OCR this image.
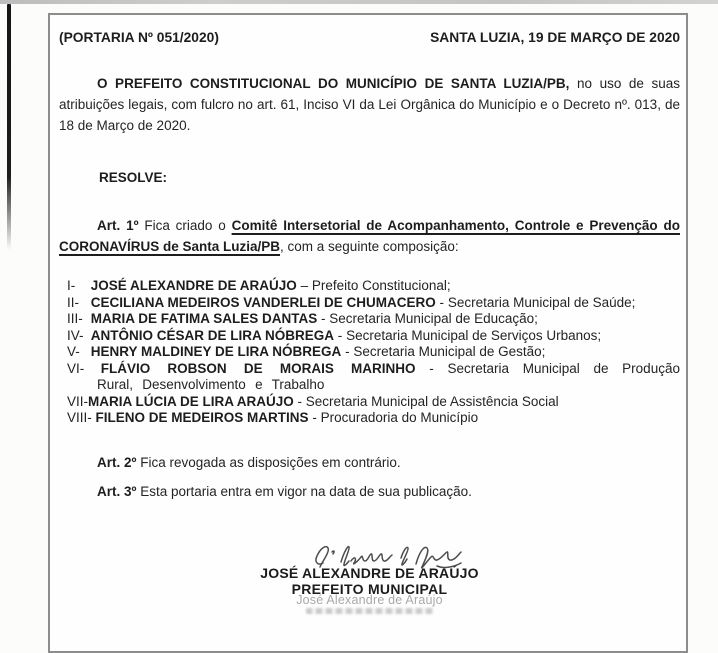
(PORTARIA Nº 051/2020)	SANTA LUZIA, 19 DE MARÇO DE 2020

O PREFEITO CONSTITUCIONAL DO MUNICÍPIO DE SANTA LUZIA/PB, no uso de suas atribuições legais, com fulcro no art. 61, Inciso VI da Lei Orgânica do Município e o Decreto nº. 013, de 18 de Março de 2020.

RESOLVE:

Art. 1º Fica criado o Comitê Intersetorial de Acompanhamento, Controle e Prevenção do CORONAVÍRUS de Santa Luzia/PB, com a seguinte composição:

I- JOSÉ ALEXANDRE DE ARAÚJO – Prefeito Constitucional;
II- CECILIANA MEDEIROS VANDERLEI DE CHUMACERO - Secretaria Municipal de Saúde;
III- MARIA DE FATIMA SALES DANTAS - Secretaria Municipal de Educação;
IV- ANTÔNIO CÉSAR DE LIRA NÓBREGA - Secretaria Municipal de Serviços Urbanos;
V- HENRY MALDINEY DE LIRA NÓBREGA - Secretaria Municipal de Gestão;
VI- FLÁVIO ROBSON DE MORAIS MARINHO - Secretaria Municipal de Produção Rural, Desenvolvimento e Trabalho
VII-MARIA LÚCIA DE LIRA ARAÚJO - Secretaria Municipal de Assistência Social
VIII- FILENO DE MEDEIROS MARTINS - Procuradoria do Município

Art. 2º Fica revogada as disposições em contrário.

Art. 3º Esta portaria entra em vigor na data de sua publicação.

JOSÉ ALEXANDRE DE ARAÚJO
PREFEITO MUNICIPAL
José Alexandre de Araújo
